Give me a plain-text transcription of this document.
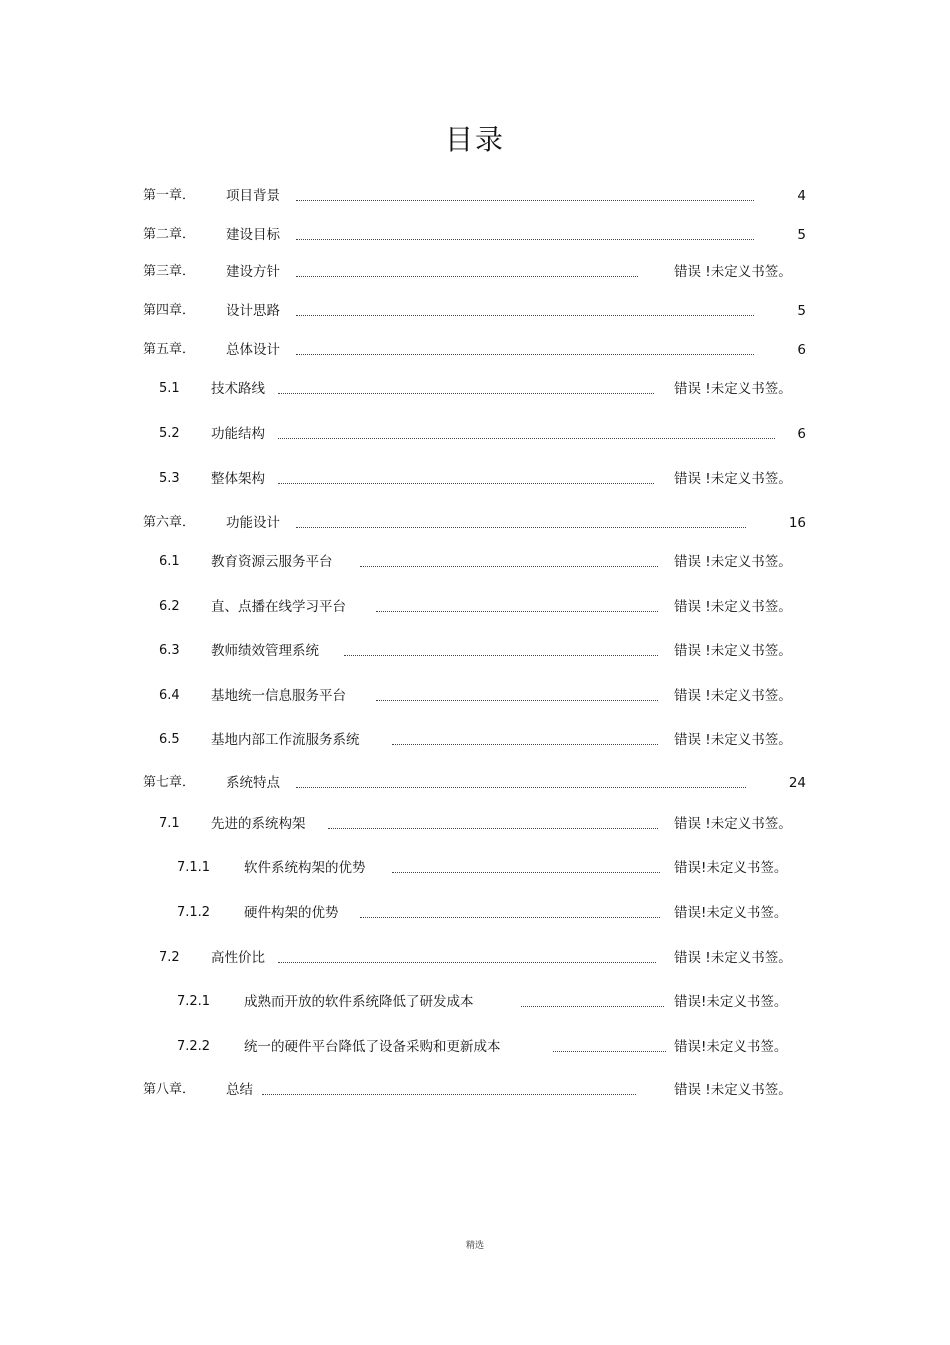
目录
第一章． 项目背景	4
第二章． 建设目标	5
第三章． 建设方针	错误 !未定义书签。
第四章． 设计思路	5
第五章． 总体设计	6
5.1 技术路线	错误 !未定义书签。
5.2 功能结构	6
5.3 整体架构	错误 !未定义书签。
第六章． 功能设计	16
6.1 教育资源云服务平台	错误 !未定义书签。
6.2 直、点播在线学习平台	错误 !未定义书签。
6.3 教师绩效管理系统	错误 !未定义书签。
6.4 基地统一信息服务平台	错误 !未定义书签。
6.5 基地内部工作流服务系统	错误 !未定义书签。
第七章． 系统特点	24
7.1 先进的系统构架	错误 !未定义书签。
7.1.1	软件系统构架的优势	错误!未定义书签。
7.1.2	硬件构架的优势	错误!未定义书签。
7.2 高性价比	错误 !未定义书签。
7.2.1	成熟而开放的软件系统降低了研发成本	错误!未定义书签。
7.2.2	统一的硬件平台降低了设备采购和更新成本	错误!未定义书签。
第八章． 总结	错误 !未定义书签。
精选
